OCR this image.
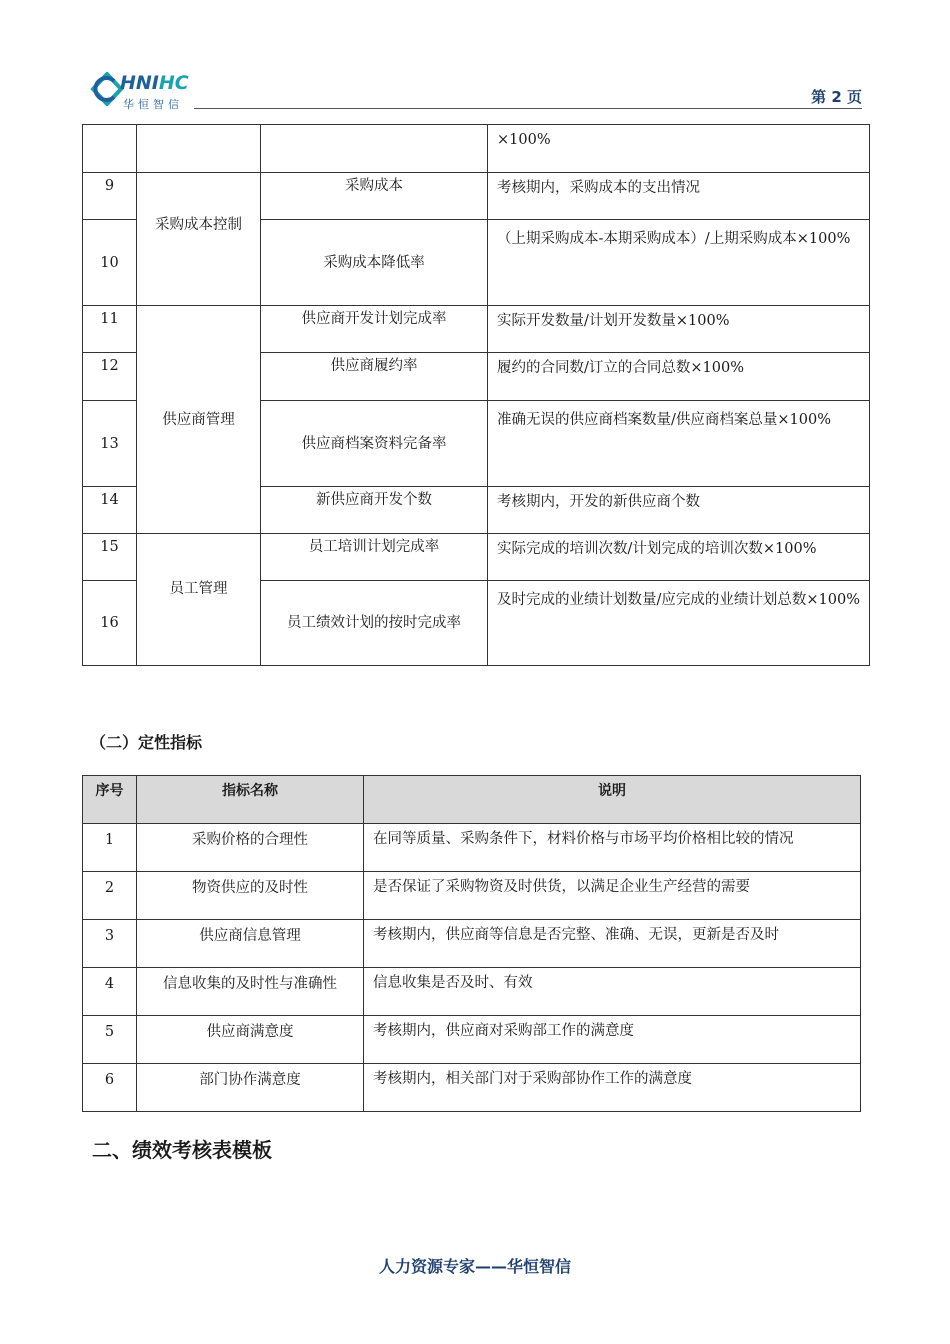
HNIHC
华恒智信	第 2 页
			×100%
9	采购成本控制	采购成本	考核期内，采购成本的支出情况
10		采购成本降低率	（上期采购成本-本期采购成本）/上期采购成本×100%
11	供应商管理	供应商开发计划完成率	实际开发数量/计划开发数量×100%
12		供应商履约率	履约的合同数/订立的合同总数×100%
13		供应商档案资料完备率	准确无误的供应商档案数量/供应商档案总量×100%
14		新供应商开发个数	考核期内，开发的新供应商个数
15	员工管理	员工培训计划完成率	实际完成的培训次数/计划完成的培训次数×100%
16		员工绩效计划的按时完成率	及时完成的业绩计划数量/应完成的业绩计划总数×100%
（二）定性指标
序号	指标名称	说明
1	采购价格的合理性	在同等质量、采购条件下，材料价格与市场平均价格相比较的情况
2	物资供应的及时性	是否保证了采购物资及时供货，以满足企业生产经营的需要
3	供应商信息管理	考核期内，供应商等信息是否完整、准确、无误，更新是否及时
4	信息收集的及时性与准确性	信息收集是否及时、有效
5	供应商满意度	考核期内，供应商对采购部工作的满意度
6	部门协作满意度	考核期内，相关部门对于采购部协作工作的满意度
二、绩效考核表模板
人力资源专家——华恒智信
